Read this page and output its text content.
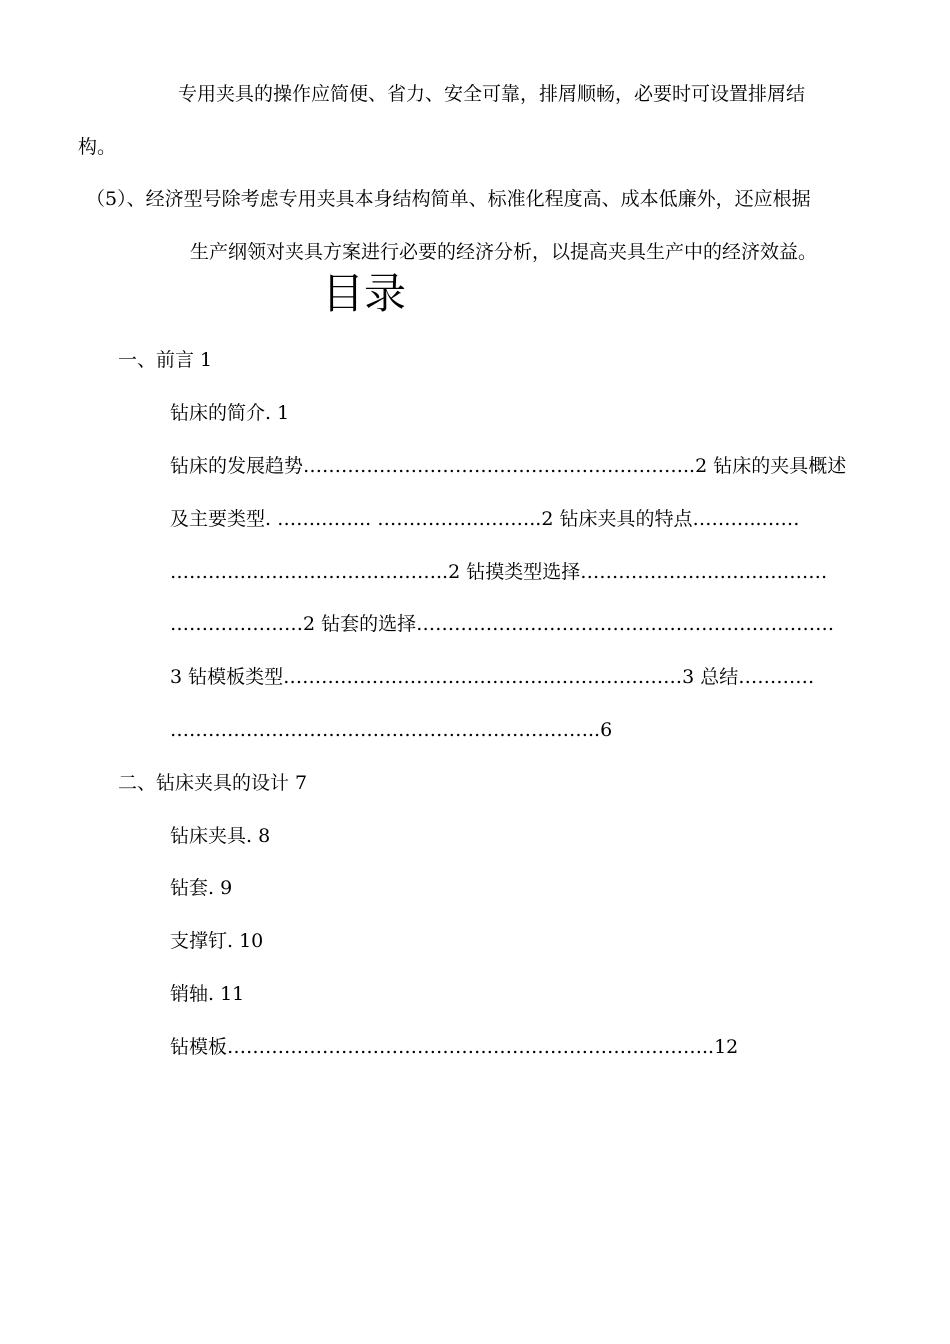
专用夹具的操作应简便、省力、安全可靠，排屑顺畅，必要时可设置排屑结
构。
（5）、经济型号除考虑专用夹具本身结构简单、标准化程度高、成本低廉外，还应根据
生产纲领对夹具方案进行必要的经济分析，以提高夹具生产中的经济效益。
目录
一、前言 1
钻床的简介. 1
钻床的发展趋势……………………………………………………..2 钻床的夹具概述
及主要类型. …….…….. ……………………..2 钻床夹具的特点………..……
……………………………………..2 钻摸类型选择…………………………………
…………………2 钻套的选择…………………………………………………………
3 钻模板类型………………………………………………………3 总结…………
…………………………………………………………..6
二、钻床夹具的设计 7
钻床夹具. 8
钻套. 9
支撑钉. 10
销轴. 11
钻模板…………………………………………………………………..12
